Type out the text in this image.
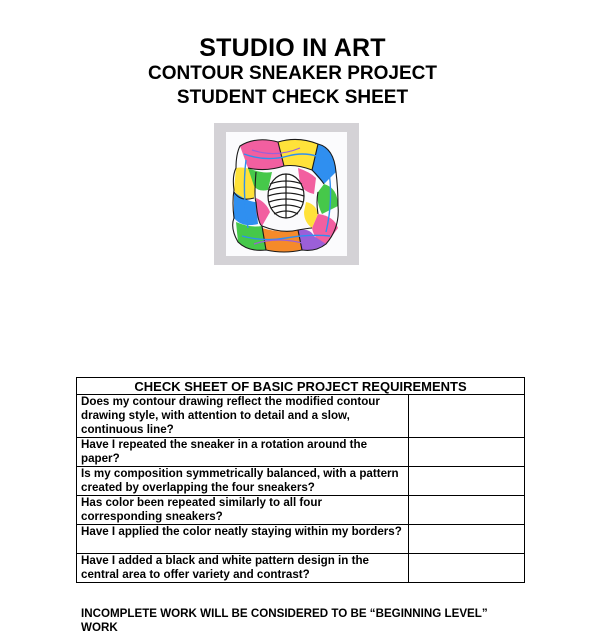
STUDIO IN ART
CONTOUR SNEAKER PROJECT
STUDENT CHECK SHEET
CHECK SHEET OF BASIC PROJECT REQUIREMENTS	
Does my contour drawing reflect the modified contour drawing style, with attention to detail and a slow, continuous line?	
Have I repeated the sneaker in a rotation around the paper?	
Is my composition symmetrically balanced, with a pattern created by overlapping the four sneakers?	
Has color been repeated similarly to all four corresponding sneakers?	
Have I applied the color neatly staying within my borders?	
Have I added a black and white pattern design in the central area to offer variety and contrast?	
INCOMPLETE WORK WILL BE CONSIDERED TO BE “BEGINNING LEVEL” WORK
